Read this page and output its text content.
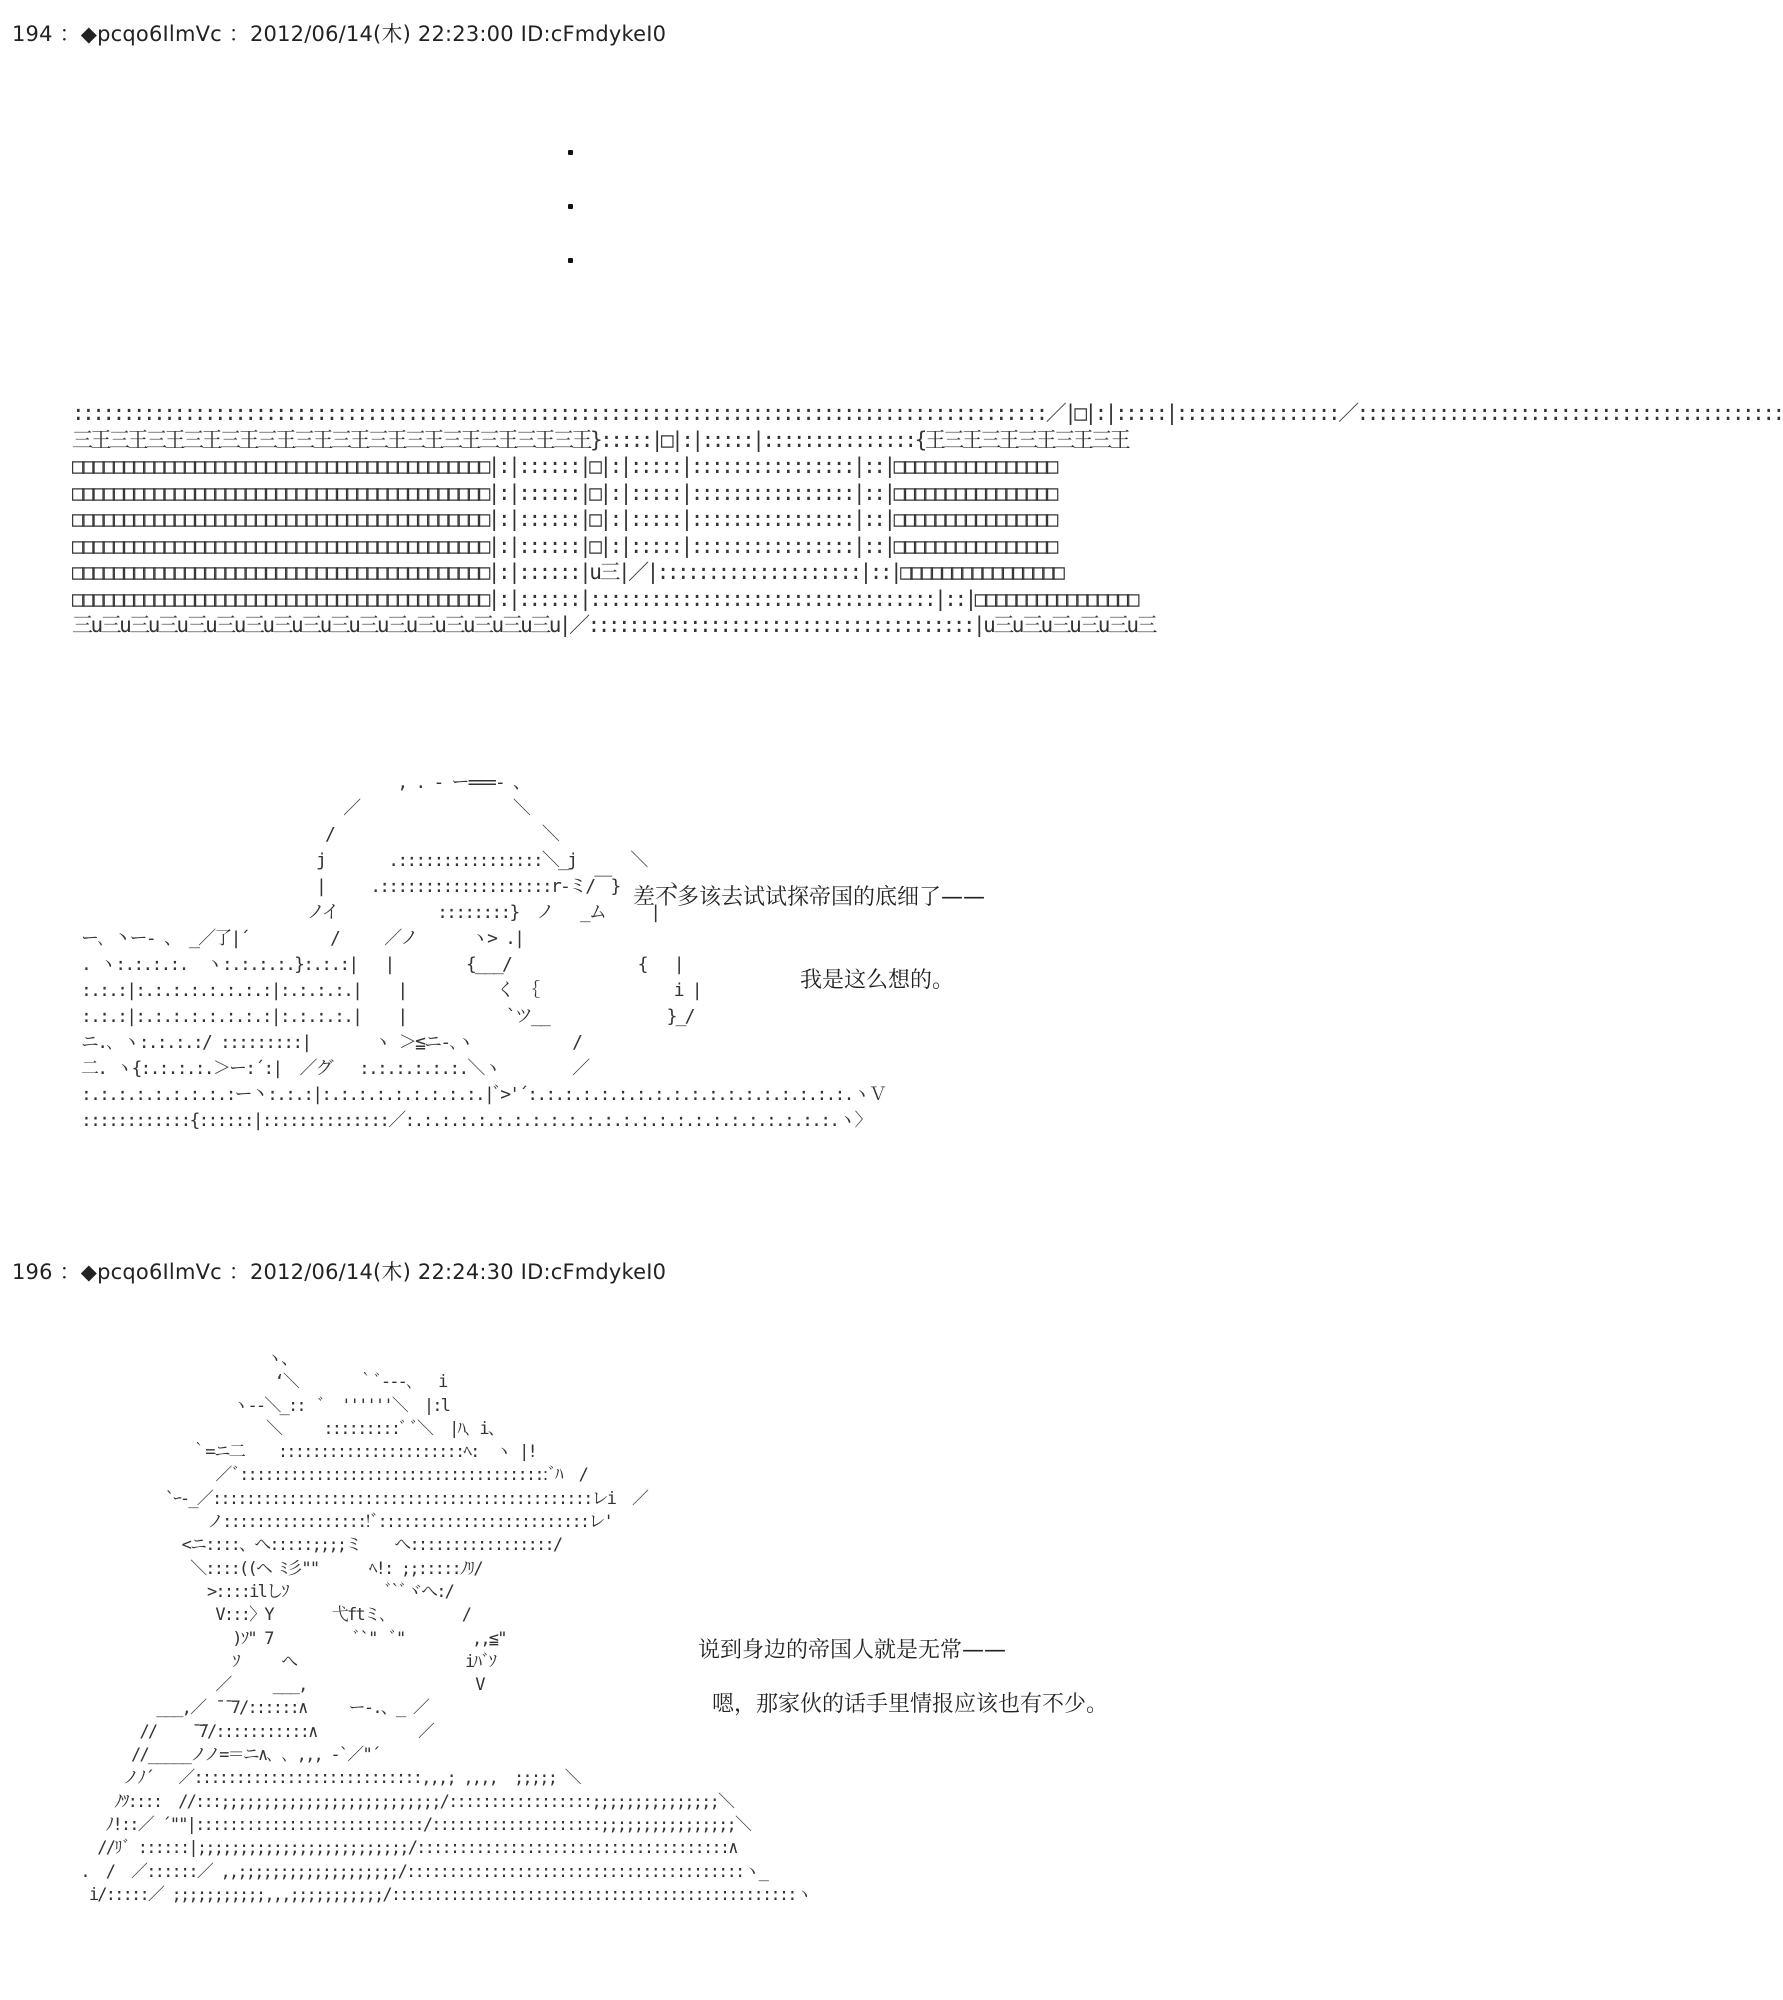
194 ：◆pcqo6IlmVc ：2012/06/14(木) 22:23:00 ID:cFmdykeI0
::::::::::::::::::::::::::::::::::::::::::::::::::::::::::::::::::::::::::::::::::::::::::::::::／|□|:|:::::|::::::::::::::::／::::::::::::::::::::::::::::::::::::::::::
三王三王三王三王三王三王三王三王三王三王三王三王三王三王}:::::|□|:|:::::|:::::::::::::::{王三王三王三王三王三王
□□□□□□□□□□□□□□□□□□□□□□□□□□□□□□□□□□□□□□□□□|:|::::::|□|:|:::::|::::::::::::::::|::|□□□□□□□□□□□□□□□□
□□□□□□□□□□□□□□□□□□□□□□□□□□□□□□□□□□□□□□□□□|:|::::::|□|:|:::::|::::::::::::::::|::|□□□□□□□□□□□□□□□□
□□□□□□□□□□□□□□□□□□□□□□□□□□□□□□□□□□□□□□□□□|:|::::::|□|:|:::::|::::::::::::::::|::|□□□□□□□□□□□□□□□□
□□□□□□□□□□□□□□□□□□□□□□□□□□□□□□□□□□□□□□□□□|:|::::::|□|:|:::::|::::::::::::::::|::|□□□□□□□□□□□□□□□□
□□□□□□□□□□□□□□□□□□□□□□□□□□□□□□□□□□□□□□□□□|:|::::::|u三|／|::::::::::::::::::::|::|□□□□□□□□□□□□□□□□
□□□□□□□□□□□□□□□□□□□□□□□□□□□□□□□□□□□□□□□□□|:|::::::|::::::::::::::::::::::::::::::::::|::|□□□□□□□□□□□□□□□□
三u三u三u三u三u三u三u三u三u三u三u三u三u三u三u三u三u|／::::::::::::::::::::::::::::::::::::::|u三u三u三u三u三u三
, . ‐ ー===‐ 、
／                 ＼
/                       ＼
j       .::::::::::::::::＼_j      ＼
|     .:::::::::::::::::::r‐ミ/￣}     ヽ
ノイ           ::::::::}  ノ   _ム     |
ー､ 丶ー- 、 _／了|´         /     ／ノ      ヽ> .|
. ヽ:.:.:.:.  ヽ:.:.:.:.}:.:.:|   |        {___/              {   |
:.:.:|:.:.:.:.:.:.:.:|:.:.:.:.|    |          く ｛               i |
:.:.:|:.:.:.:.:.:.:.:|:.:.:.:.|    |           `ツ__             }_/
ニ.､ ヽ:.:.:.:/ :::::::::|       ヽ ＞≦ニ-､ヽ           /
二. ヽ{:.:.:.:.＞ー:´:|  ／グ   :.:.:.:.:.:.＼ヽ        ／
:.:.:.:.:.:.:.:.:ー丶:.:.:|:.:.:.:.:.:.:.:.:.|ﾞ>'´:.:.:.:.:.:.:.:.:.:.:.:.:.:.:.:.:.:.ヽＶ
::::::::::::{::::::|::::::::::::::／:.:.:.:.:.:.:.:.:.:.:.:.:.:.:.:.:.:.:.:.:.:.:.:.ヽ〉
差不多该去试试探帝国的底细了——
我是这么想的。
196 ：◆pcqo6IlmVc ：2012/06/14(木) 22:24:30 ID:cFmdykeI0
ヽ、
‘＼       ｀ﾞ‐--､   i
ヽ‐-＼_::  ﾞ  ''''''＼  |:l
＼     :::::::::ﾞ ﾞ＼  |ﾊ､ i、
｀=ニ二    ::::::::::::::::::::::ﾍ:  ヽ |!
／ﾞ:::::::::::::::::::::::::::::::::::::ﾞﾊ  /
`ｰ‐_／:::::::::::::::::::::::::::::::::::::::::::::レi  ／
ノ:::::::::::::::::!ﾞ:::::::::::::::::::::::::レ'
<ニ::::、へ:::::;;;;ミ    へ:::::::::::::::::/
＼::::((ヘ ﾐ彡""      ﾍ!: ;;:::::ﾉﾘ/
>::::ilしｿ            ﾞ`ﾞヾへ:/
V:::〉Y       弋ftミ､         /
)ｿ" 7          ﾞ`"  ﾞ"        ,,≦"
ｿ     へ                    iﾊﾞｿ
／     ___,                    V
___,／ ̄ ̄ 7/::::::∧     ー-.、_ ／
//    ̄ ̄7/:::::::::::∧            ／
//_____ノノ=＝ニ∧､ ､ ,,, -`／"´
ノﾉ´   ／:::::::::::::::::::::::::::,,,; ,,,,  ;;;;; ＼
ﾉﾂ::::  //:::;;;;;;;;;;;;;;;;;;;;;;;;;;/:::::::::::::::::;;;;;;;;;;;;;;;＼
ﾉ!::／ ´""|:::::::::::::::::::::::::::/::::::::::::::::::::;;;;;;;;;;;;;;;;＼
//ﾘﾞ ::::::|;;;;;;;;;;;;;;;;;;;;;;;;;/:::::::::::::::::::::::::::::::::::::∧
.  /  ／::::::／ ,,;;;;;;;;;;;;;;;;;;;/::::::::::::::::::::::::::::::::::::::::ヽ_
i/:::::／ ;;;;;;;;;;;,,,;;;;;;;;;;;/::::::::::::::::::::::::::::::::::::::::::::::::ヽ
说到身边的帝国人就是无常——
嗯，那家伙的话手里情报应该也有不少。
